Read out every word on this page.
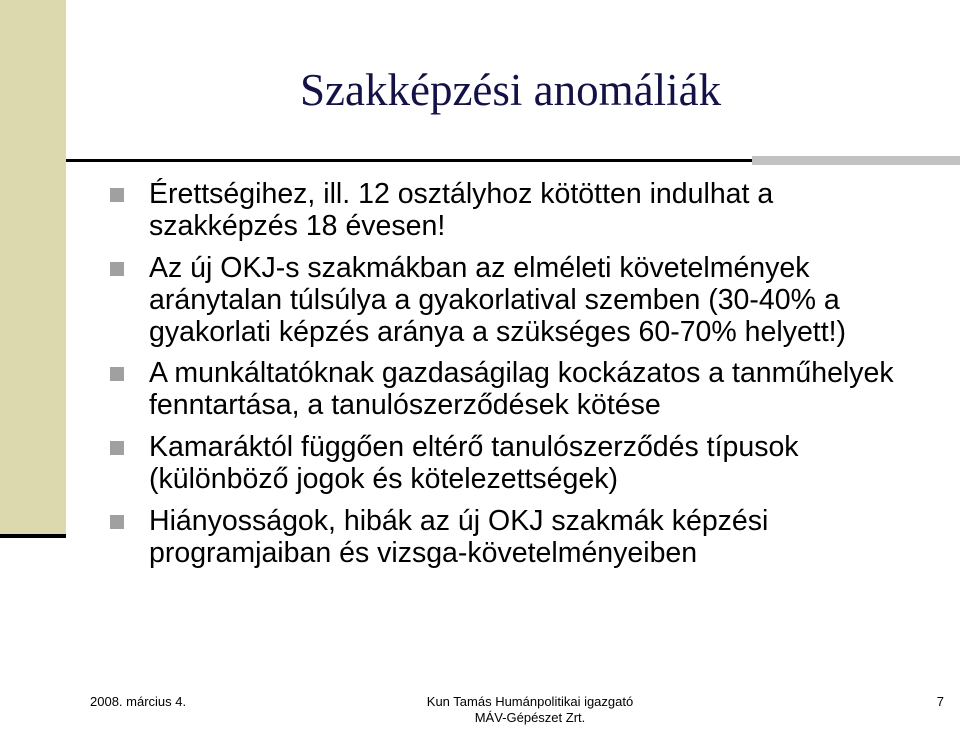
Szakképzési anomáliák
Érettségihez, ill. 12 osztályhoz kötötten indulhat a szakképzés 18 évesen!
Az új OKJ-s szakmákban az elméleti követelmények aránytalan túlsúlya a gyakorlatival szemben (30-40% a gyakorlati képzés aránya a szükséges 60-70% helyett!)
A munkáltatóknak gazdaságilag kockázatos a tanműhelyek fenntartása, a tanulószerződések kötése
Kamaráktól függően eltérő tanulószerződés típusok (különböző jogok és kötelezettségek)
Hiányosságok, hibák az új OKJ szakmák képzési programjaiban és vizsga-követelményeiben
2008. március 4.	Kun Tamás Humánpolitikai igazgató
MÁV-Gépészet Zrt.
7
